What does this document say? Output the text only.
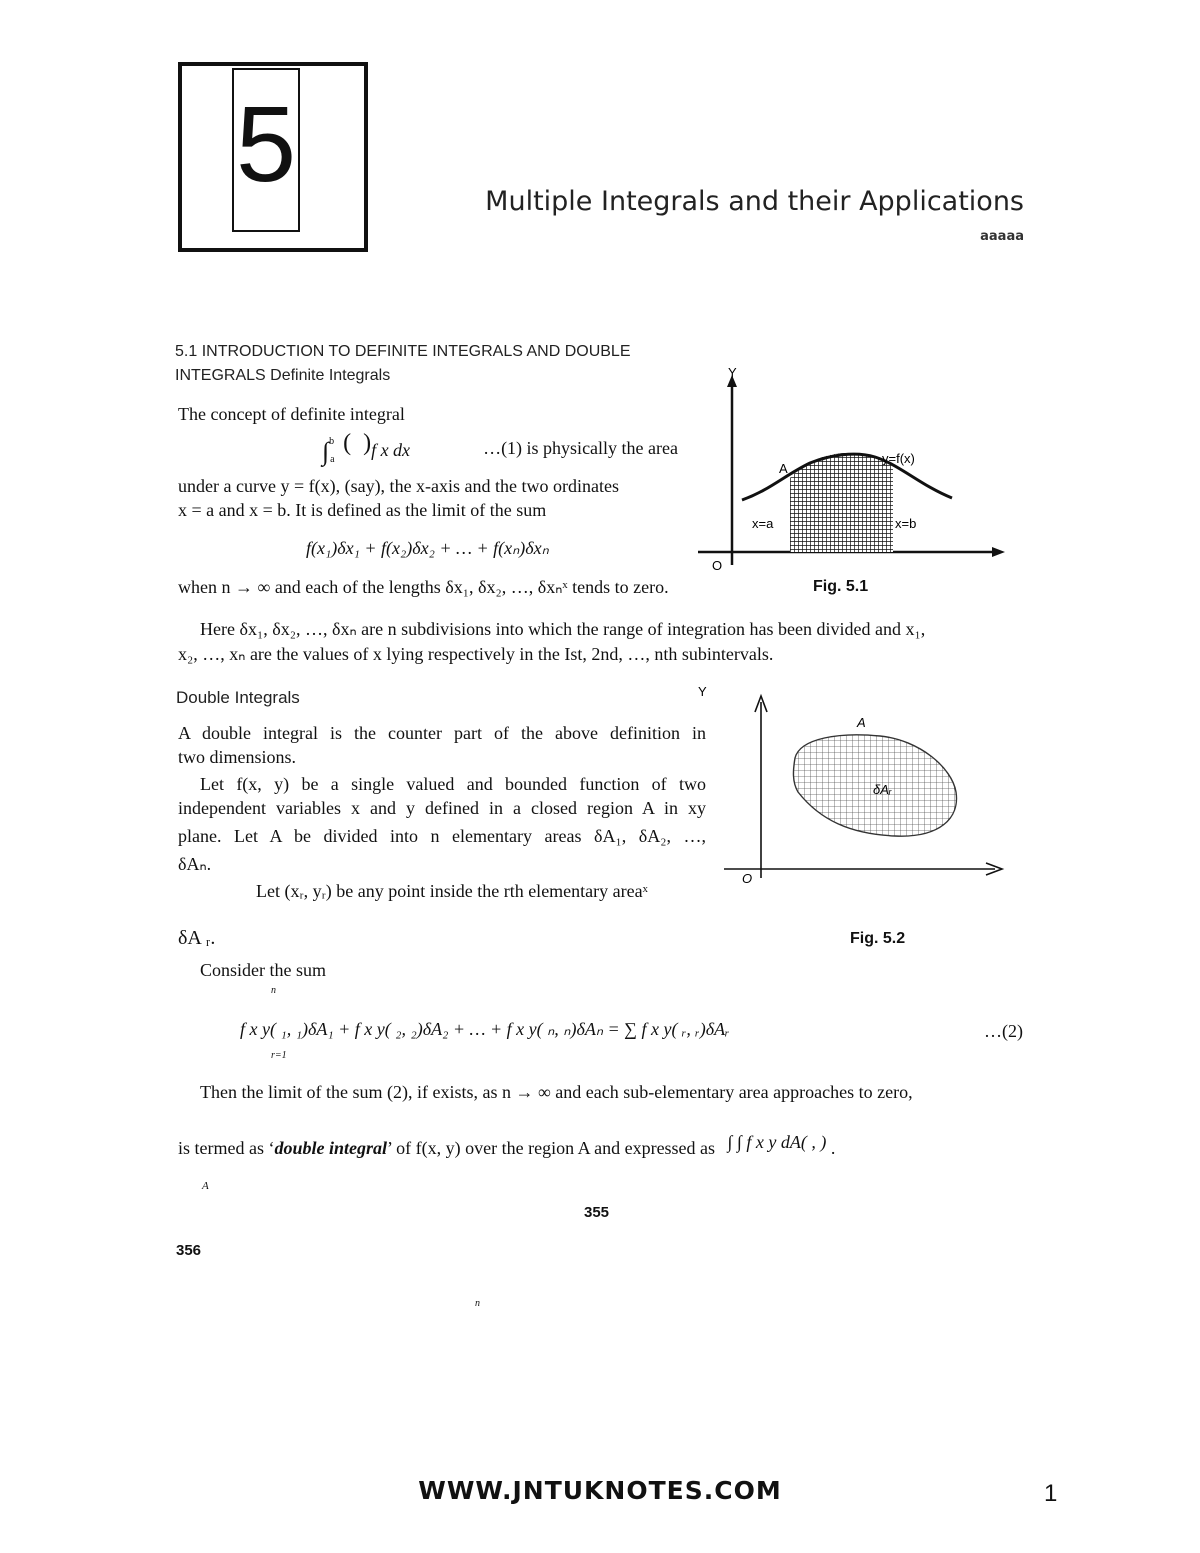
5	Multiple Integrals and their Applications
aaaaa
5.1 INTRODUCTION TO DEFINITE INTEGRALS AND DOUBLE
INTEGRALS Definite Integrals
The concept of definite integral
∫$^b_a$ (  )f x dx	…(1) is physically the area
under a curve y = f(x), (say), the x-axis and the two ordinates
x = a and x = b. It is defined as the limit of the sum
f(x₁)δx₁ + f(x₂)δx₂ + … + f(xₙ)δxₙ
when n → ∞ and each of the lengths δx₁, δx₂, …, δxₙˣ tends to zero.	Fig. 5.1
Y
O
A
y=f(x)
x=a	x=b
Here δx₁, δx₂, …, δxₙ are n subdivisions into which the range of integration has been divided and x₁,
x₂, …, xₙ are the values of x lying respectively in the Ist, 2nd, …, nth subintervals.
Double Integrals
A double integral is the counter part of the above definition in
two dimensions.
Let f(x, y) be a single valued and bounded function of two
independent variables x and y defined in a closed region A in xy
plane. Let A be divided into n elementary areas δA₁, δA₂, …,
δAₙ.
Let (xᵣ, yᵣ) be any point inside the rth elementary areaˣ
δA ᵣ.	Fig. 5.2
Y
A
δAᵣ
O
Consider the sum
n
f x y( ₁, ₁)δA₁ + f x y( ₂, ₂)δA₂ + … + f x y( ₙ, ₙ)δAₙ = ∑ f x y( ᵣ, ᵣ)δAᵣ
r=1
…(2)
Then the limit of the sum (2), if exists, as n → ∞ and each sub-elementary area approaches to zero,
is termed as ‘double integral’ of f(x, y) over the region A and expressed as ∫ ∫ f x y dA( , ) .
A
355
356
n
WWW.JNTUKNOTES.COM	1
